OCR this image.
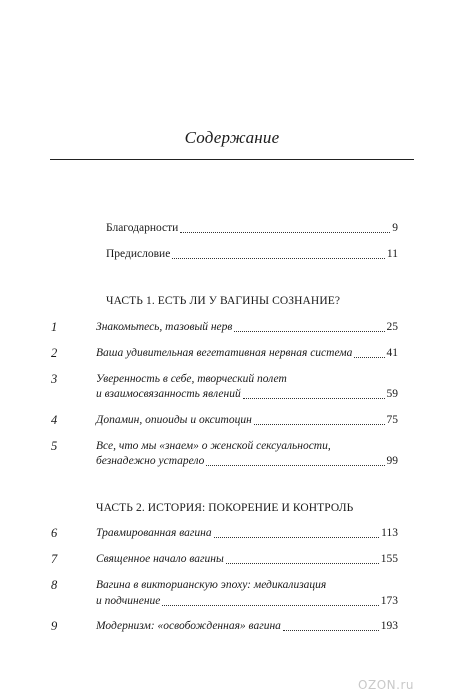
Содержание
Благодарности	9
Предисловие	11
ЧАСТЬ 1. ЕСТЬ ЛИ У ВАГИНЫ СОЗНАНИЕ?
1	Знакомьтесь, тазовый нерв	25
2	Ваша удивительная вегетативная нервная система	41
3	Уверенность в себе, творческий полет
и взаимосвязанность явлений	59
4	Допамин, опиоиды и окситоцин	75
5	Все, что мы «знаем» о женской сексуальности,
безнадежно устарело	99
ЧАСТЬ 2. ИСТОРИЯ: ПОКОРЕНИЕ И КОНТРОЛЬ
6	Травмированная вагина	113
7	Священное начало вагины	155
8	Вагина в викторианскую эпоху: медикализация
и подчинение	173
9	Модернизм: «освобожденная» вагина	193
OZON.ru
